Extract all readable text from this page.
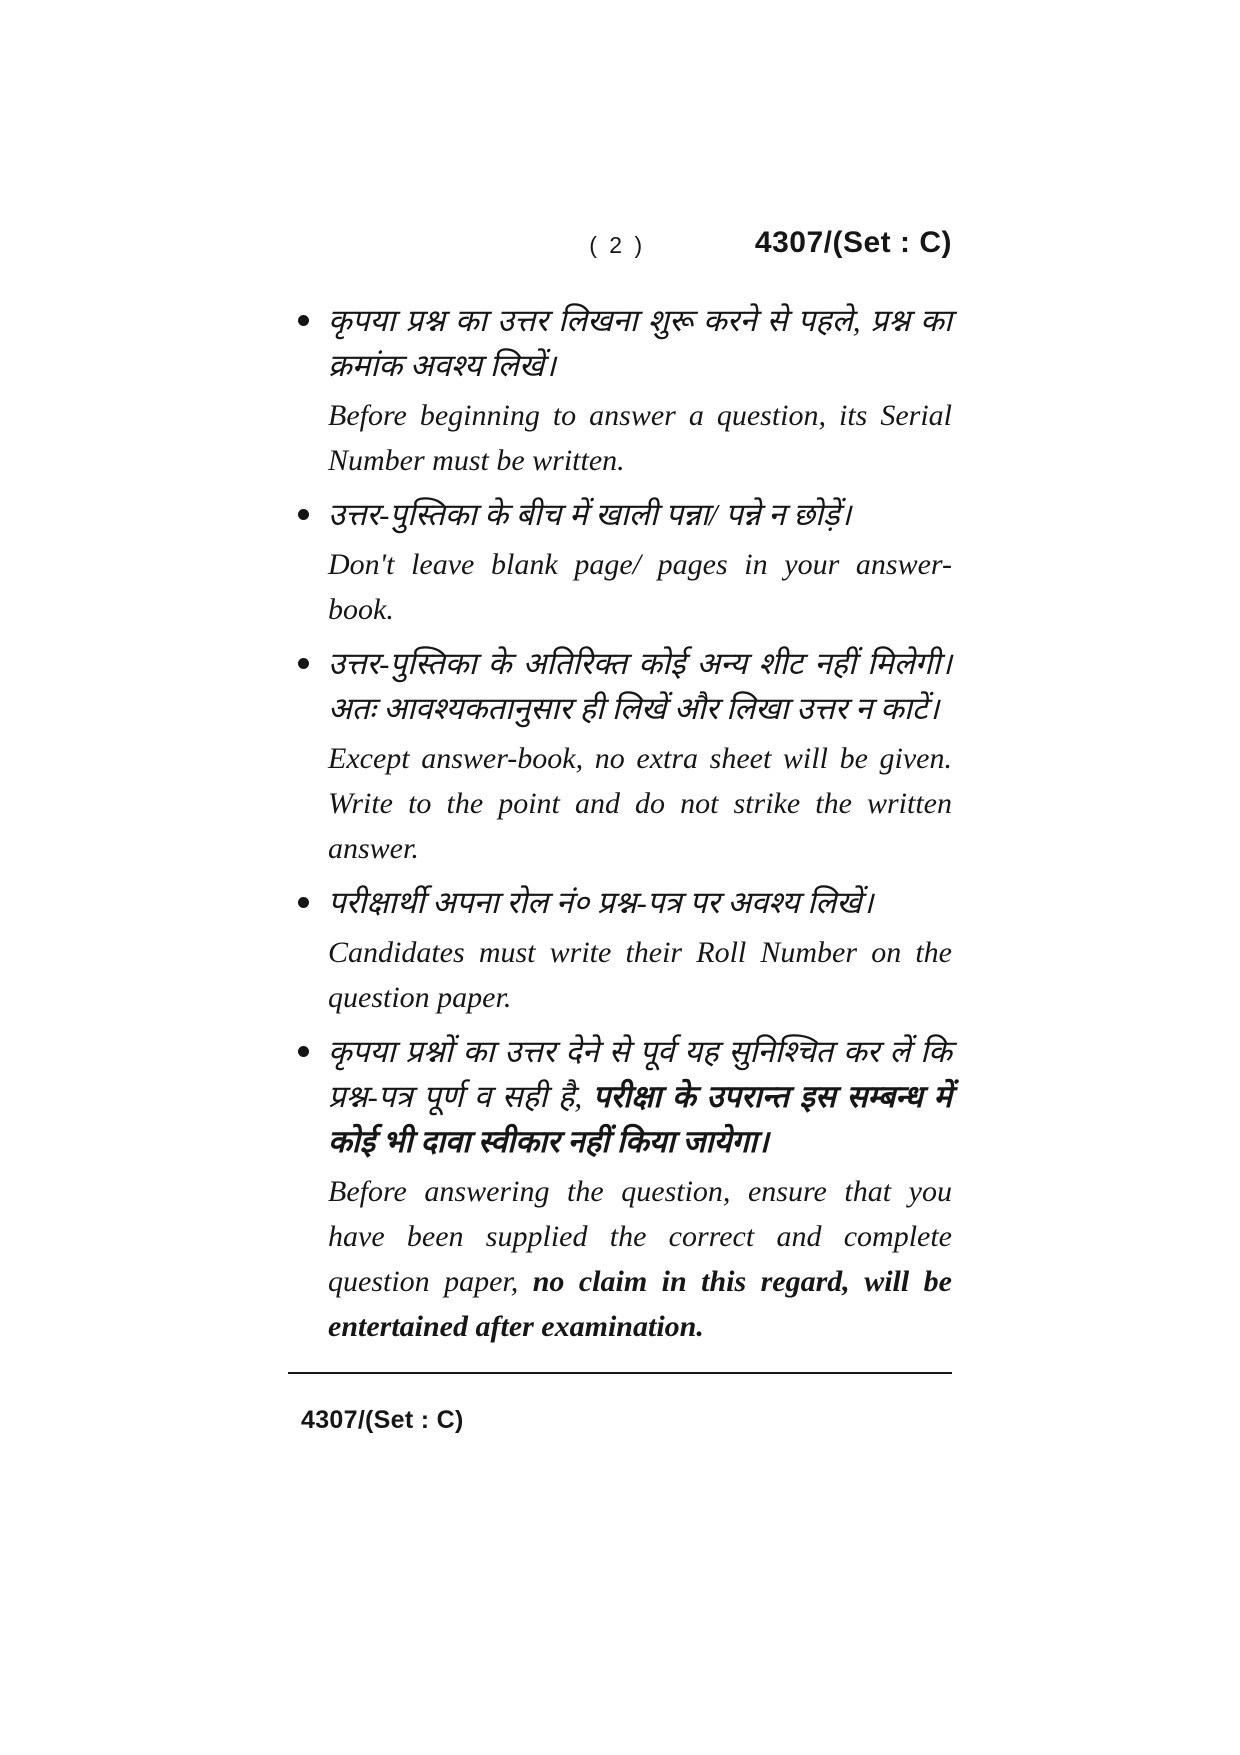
( 2 )	4307/(Set : C)

कृपया प्रश्न का उत्तर लिखना शुरू करने से पहले, प्रश्न का क्रमांक अवश्य लिखें।

Before beginning to answer a question, its Serial Number must be written.

उत्तर-पुस्तिका के बीच में खाली पन्ना/ पन्ने न छोड़ें।

Don't leave blank page/ pages in your answer-book.

उत्तर-पुस्तिका के अतिरिक्त कोई अन्य शीट नहीं मिलेगी। अतः आवश्यकतानुसार ही लिखें और लिखा उत्तर न काटें।

Except answer-book, no extra sheet will be given. Write to the point and do not strike the written answer.

परीक्षार्थी अपना रोल नं० प्रश्न-पत्र पर अवश्य लिखें।

Candidates must write their Roll Number on the question paper.

कृपया प्रश्नों का उत्तर देने से पूर्व यह सुनिश्चित कर लें कि प्रश्न-पत्र पूर्ण व सही है, परीक्षा के उपरान्त इस सम्बन्ध में कोई भी दावा स्वीकार नहीं किया जायेगा।

Before answering the question, ensure that you have been supplied the correct and complete question paper, no claim in this regard, will be entertained after examination.

4307/(Set : C)
